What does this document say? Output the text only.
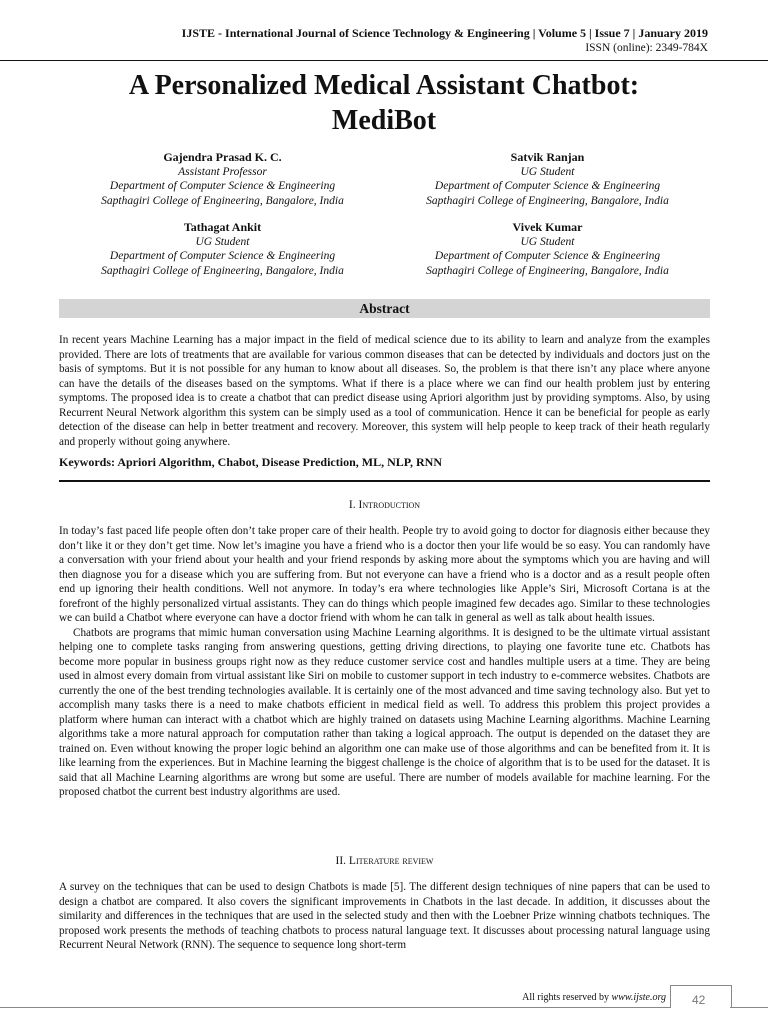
IJSTE - International Journal of Science Technology & Engineering | Volume 5 | Issue 7 | January 2019
ISSN (online): 2349-784X
A Personalized Medical Assistant Chatbot:
MediBot
Gajendra Prasad K. C.
Assistant Professor
Department of Computer Science & Engineering
Sapthagiri College of Engineering, Bangalore, India
Satvik Ranjan
UG Student
Department of Computer Science & Engineering
Sapthagiri College of Engineering, Bangalore, India
Tathagat Ankit
UG Student
Department of Computer Science & Engineering
Sapthagiri College of Engineering, Bangalore, India
Vivek Kumar
UG Student
Department of Computer Science & Engineering
Sapthagiri College of Engineering, Bangalore, India
Abstract

In recent years Machine Learning has a major impact in the field of medical science due to its ability to learn and analyze from the examples provided. There are lots of treatments that are available for various common diseases that can be detected by individuals and doctors just on the basis of symptoms. But it is not possible for any human to know about all diseases. So, the problem is that there isn’t any place where anyone can have the details of the diseases based on the symptoms. What if there is a place where we can find our health problem just by entering symptoms. The proposed idea is to create a chatbot that can predict disease using Apriori algorithm just by providing symptoms. Also, by using Recurrent Neural Network algorithm this system can be simply used as a tool of communication. Hence it can be beneficial for people as early detection of the disease can help in better treatment and recovery. Moreover, this system will help people to keep track of their heath regularly and properly without going anywhere.

Keywords: Apriori Algorithm, Chabot, Disease Prediction, ML, NLP, RNN
I. Introduction

In today’s fast paced life people often don’t take proper care of their health. People try to avoid going to doctor for diagnosis either because they don’t like it or they don’t get time. Now let’s imagine you have a friend who is a doctor then your life would be so easy. You can randomly have a conversation with your friend about your health and your friend responds by asking more about the symptoms which you are having and will then diagnose you for a disease which you are suffering from. But not everyone can have a friend who is a doctor and as a result people often end up ignoring their health conditions. Well not anymore. In today’s era where technologies like Apple’s Siri, Microsoft Cortana is at the forefront of the highly personalized virtual assistants. They can do things which people imagined few decades ago. Similar to these technologies we can build a Chatbot where everyone can have a doctor friend with whom he can talk in general as well as talk about health issues.

Chatbots are programs that mimic human conversation using Machine Learning algorithms. It is designed to be the ultimate virtual assistant helping one to complete tasks ranging from answering questions, getting driving directions, to playing one favorite tune etc. Chatbots has become more popular in business groups right now as they reduce customer service cost and handles multiple users at a time. They are being used in almost every domain from virtual assistant like Siri on mobile to customer support in tech industry to e-commerce websites. Chatbots are currently the one of the best trending technologies available. It is certainly one of the most advanced and time saving technology also. But yet to accomplish many tasks there is a need to make chatbots efficient in medical field as well. To address this problem this project provides a platform where human can interact with a chatbot which are highly trained on datasets using Machine Learning algorithms. Machine Learning algorithms take a more natural approach for computation rather than taking a logical approach. The output is depended on the dataset they are trained on. Even without knowing the proper logic behind an algorithm one can make use of those algorithms and can be benefited from it. It is like learning from the experiences. But in Machine learning the biggest challenge is the choice of algorithm that is to be used for the dataset. It is said that all Machine Learning algorithms are wrong but some are useful. There are number of models available for machine learning. For the proposed chatbot the current best industry algorithms are used.

II. Literature review

A survey on the techniques that can be used to design Chatbots is made [5]. The different design techniques of nine papers that can be used to design a chatbot are compared. It also covers the significant improvements in Chatbots in the last decade. In addition, it discusses about the similarity and differences in the techniques that are used in the selected study and then with the Loebner Prize winning chatbots techniques. The proposed work presents the methods of teaching chatbots to process natural language text. It discusses about processing natural language using Recurrent Neural Network (RNN). The sequence to sequence long short-term

All rights reserved by www.ijste.org 42
